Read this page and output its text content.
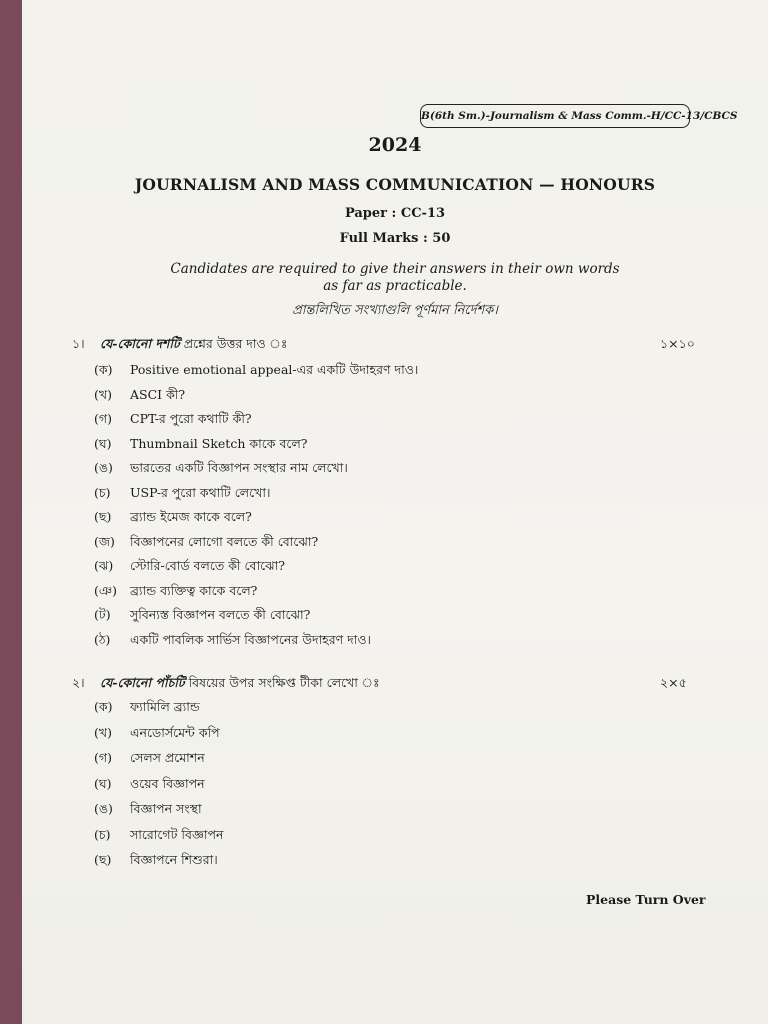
B(6th Sm.)-Journalism & Mass Comm.-H/CC-13/CBCS
2024
JOURNALISM AND MASS COMMUNICATION — HONOURS
Paper : CC-13
Full Marks : 50
Candidates are required to give their answers in their own words
as far as practicable.
প্রান্তলিখিত সংখ্যাগুলি পূর্ণমান নির্দেশক।
১। যে-কোনো দশটি প্রশ্নের উত্তর দাও ঃ	১×১০
(ক) Positive emotional appeal-এর একটি উদাহরণ দাও।
(খ) ASCI কী?
(গ) CPT-র পুরো কথাটি কী?
(ঘ) Thumbnail Sketch কাকে বলে?
(ঙ) ভারতের একটি বিজ্ঞাপন সংস্থার নাম লেখো।
(চ) USP-র পুরো কথাটি লেখো।
(ছ) ব্র্যান্ড ইমেজ কাকে বলে?
(জ) বিজ্ঞাপনের লোগো বলতে কী বোঝো?
(ঝ) স্টোরি-বোর্ড বলতে কী বোঝো?
(ঞ) ব্র্যান্ড ব্যক্তিত্ব কাকে বলে?
(ট) সুবিন্যস্ত বিজ্ঞাপন বলতে কী বোঝো?
(ঠ) একটি পাবলিক সার্ভিস বিজ্ঞাপনের উদাহরণ দাও।
২। যে-কোনো পাঁচটি বিষয়ের উপর সংক্ষিপ্ত টীকা লেখো ঃ	২×৫
(ক) ফ্যামিলি ব্র্যান্ড
(খ) এনডোর্সমেন্ট কপি
(গ) সেলস প্রমোশন
(ঘ) ওয়েব বিজ্ঞাপন
(ঙ) বিজ্ঞাপন সংস্থা
(চ) সারোগেট বিজ্ঞাপন
(ছ) বিজ্ঞাপনে শিশুরা।
Please Turn Over
